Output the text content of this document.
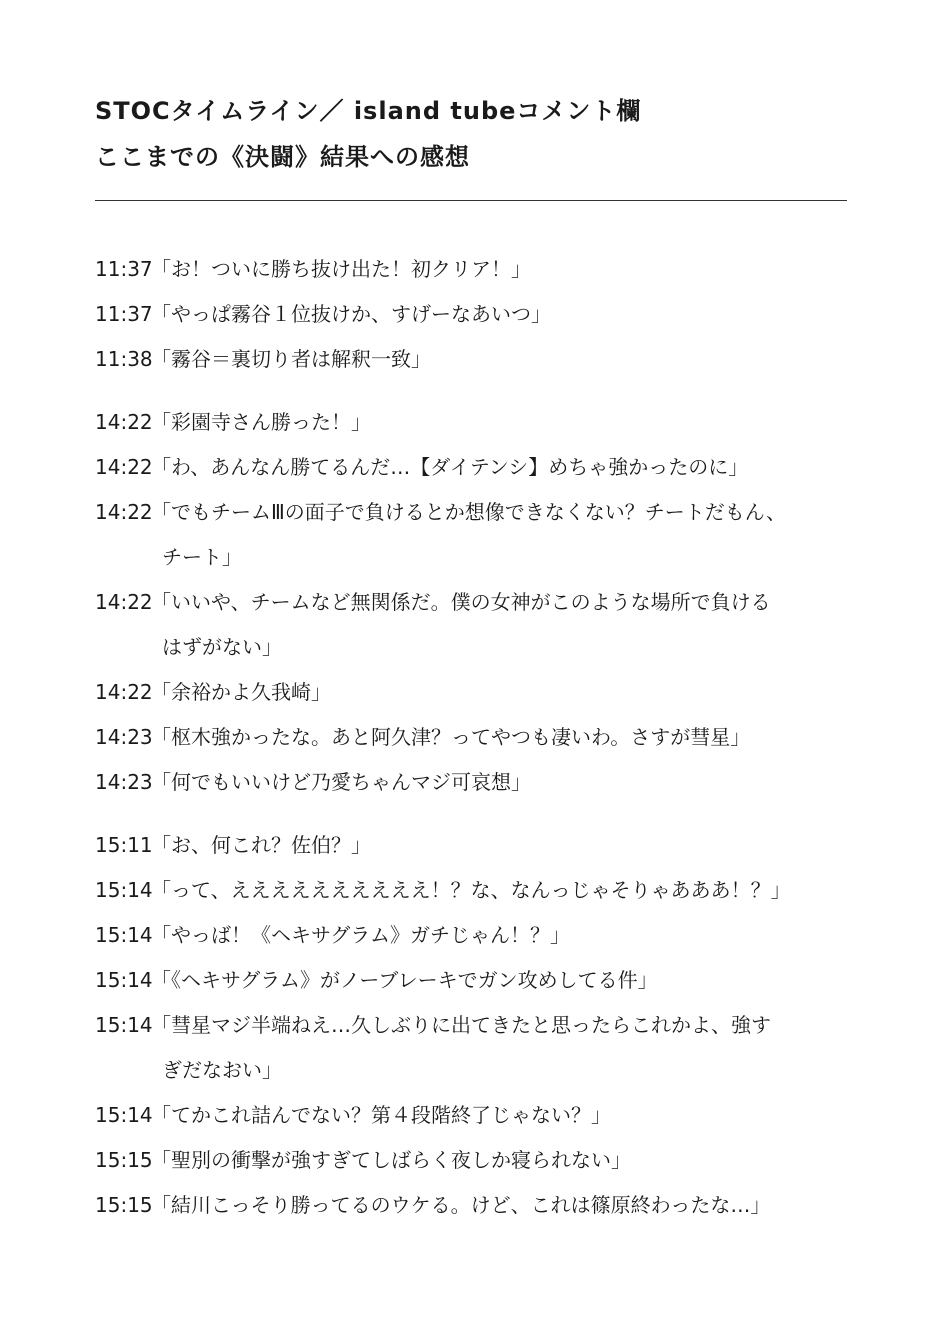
STOCタイムライン／ island tubeコメント欄
ここまでの《決闘》結果への感想
11:37
「お！ついに勝ち抜け出た！初クリア！」
11:37
「やっぱ霧谷１位抜けか、すげーなあいつ」
11:38
「霧谷＝裏切り者は解釈一致」
14:22
「彩園寺さん勝った！」
14:22
「わ、あんなん勝てるんだ…【ダイテンシ】めちゃ強かったのに」
14:22
「でもチームⅢの面子で負けるとか想像できなくない？チートだもん、
チート」
14:22
「いいや、チームなど無関係だ。僕の女神がこのような場所で負ける
はずがない」
14:22
「余裕かよ久我崎」
14:23
「枢木強かったな。あと阿久津？ってやつも凄いわ。さすが彗星」
14:23
「何でもいいけど乃愛ちゃんマジ可哀想」
15:11
「お、何これ？佐伯？」
15:14
「って、ええええええええええ！？な、なんっじゃそりゃあああ！？」
15:14
「やっば！《ヘキサグラム》ガチじゃん！？」
15:14
「《ヘキサグラム》がノーブレーキでガン攻めしてる件」
15:14
「彗星マジ半端ねえ…久しぶりに出てきたと思ったらこれかよ、強す
ぎだなおい」
15:14
「てかこれ詰んでない？第４段階終了じゃない？」
15:15
「聖別の衝撃が強すぎてしばらく夜しか寝られない」
15:15
「結川こっそり勝ってるのウケる。けど、これは篠原終わったな…」
